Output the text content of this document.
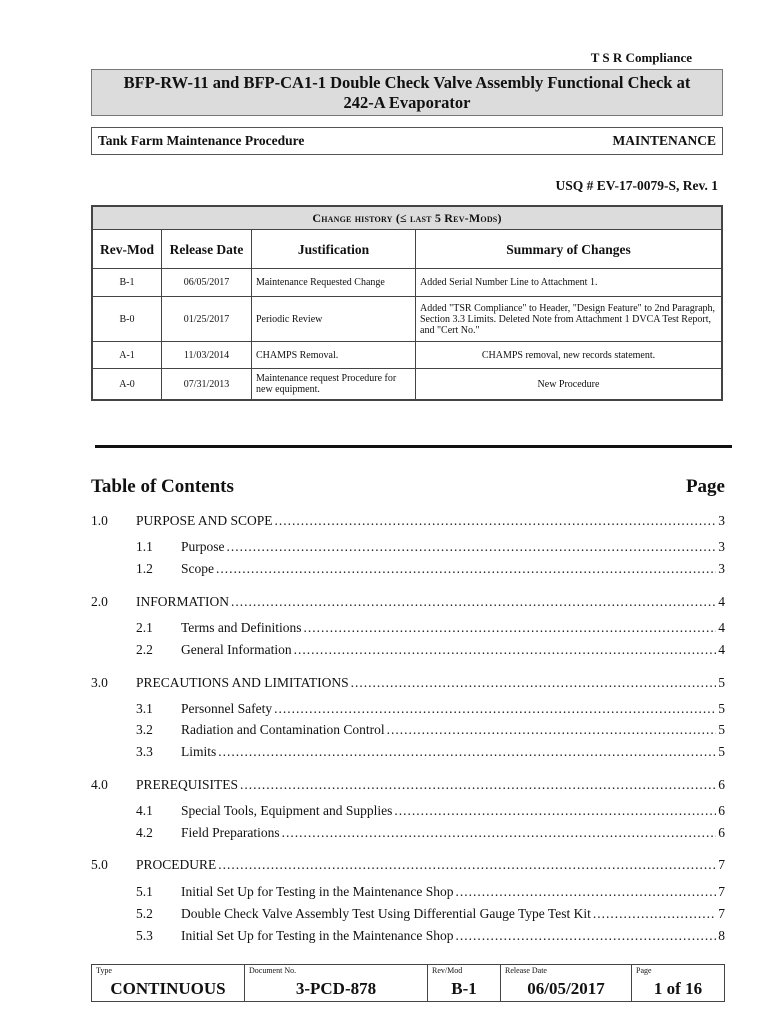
T S R Compliance
BFP-RW-11 and BFP-CA1-1 Double Check Valve Assembly Functional Check at
242-A Evaporator
Tank Farm Maintenance Procedure	MAINTENANCE
USQ # EV-17-0079-S, Rev. 1
Change history (≤ last 5 Rev-Mods)			
Rev-Mod	Release Date	Justification	Summary of Changes
B-1	06/05/2017	Maintenance Requested Change	Added Serial Number Line to Attachment 1.
B-0	01/25/2017	Periodic Review	Added "TSR Compliance" to Header, "Design Feature" to 2nd Paragraph, Section 3.3 Limits. Deleted Note from Attachment 1 DVCA Test Report, and "Cert No."
A-1	11/03/2014	CHAMPS Removal.	CHAMPS removal, new records statement.
A-0	07/31/2013	Maintenance request Procedure for new equipment.	New Procedure
Table of Contents	Page
1.0	PURPOSE AND SCOPE .....	3
1.1	Purpose .....	3
1.2	Scope .....	3
2.0	INFORMATION .....	4
2.1	Terms and Definitions .....	4
2.2	General Information .....	4
3.0	PRECAUTIONS AND LIMITATIONS .....	5
3.1	Personnel Safety .....	5
3.2	Radiation and Contamination Control .....	5
3.3	Limits .....	5
4.0	PREREQUISITES .....	6
4.1	Special Tools, Equipment and Supplies .....	6
4.2	Field Preparations .....	6
5.0	PROCEDURE .....	7
5.1	Initial Set Up for Testing in the Maintenance Shop .....	7
5.2	Double Check Valve Assembly Test Using Differential Gauge Type Test Kit .....	7
5.3	Initial Set Up for Testing in the Maintenance Shop .....	8
Type
CONTINUOUS
Document No.
3-PCD-878
Rev/Mod
B-1
Release Date
06/05/2017
Page
1 of 16
